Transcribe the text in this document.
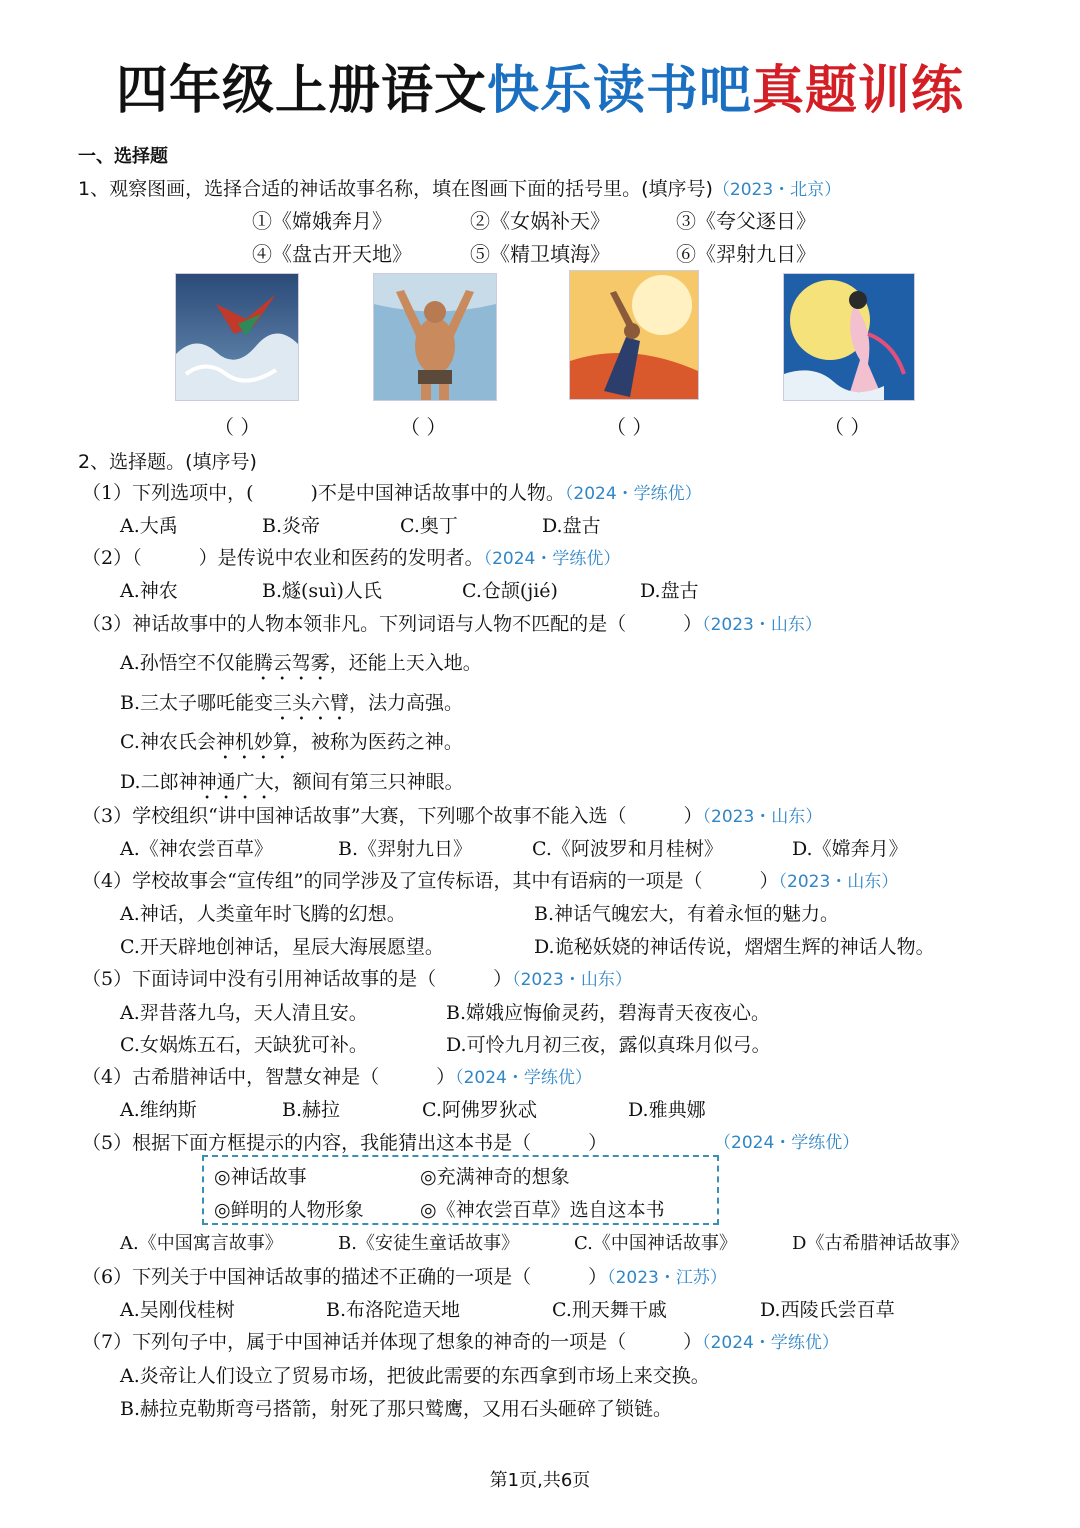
四年级上册语文快乐读书吧真题训练
一、选择题
1、观察图画，选择合适的神话故事名称，填在图画下面的括号里。(填序号)（2023・北京）
①《嫦娥奔月》	②《女娲补天》	③《夸父逐日》
④《盘古开天地》	⑤《精卫填海》	⑥《羿射九日》
（ ）	（ ）	（ ）	（ ）
2、选择题。(填序号)
（1）下列选项中，(　　　)不是中国神话故事中的人物。（2024・学练优）
A.大禹	B.炎帝	C.奥丁	D.盘古
（2）（　　　）是传说中农业和医药的发明者。（2024・学练优）
A.神农	B.燧(suì)人氏	C.仓颉(jié)	D.盘古
（3）神话故事中的人物本领非凡。下列词语与人物不匹配的是（　　　）（2023・山东）
A.孙悟空不仅能腾云驾雾，还能上天入地。
B.三太子哪吒能变三头六臂，法力高强。
C.神农氏会神机妙算，被称为医药之神。
D.二郎神神通广大，额间有第三只神眼。
（3）学校组织“讲中国神话故事”大赛，下列哪个故事不能入选（　　　）（2023・山东）
A.《神农尝百草》	B.《羿射九日》	C.《阿波罗和月桂树》	D.《嫦奔月》
（4）学校故事会“宣传组”的同学涉及了宣传标语，其中有语病的一项是（　　　）（2023・山东）
A.神话，人类童年时飞腾的幻想。	B.神话气魄宏大，有着永恒的魅力。
C.开天辟地创神话，星辰大海展愿望。	D.诡秘妖娆的神话传说，熠熠生辉的神话人物。
（5）下面诗词中没有引用神话故事的是（　　　）（2023・山东）
A.羿昔落九乌，天人清且安。	B.嫦娥应悔偷灵药，碧海青天夜夜心。
C.女娲炼五石，天缺犹可补。	D.可怜九月初三夜，露似真珠月似弓。
（4）古希腊神话中，智慧女神是（　　　）（2024・学练优）
A.维纳斯	B.赫拉	C.阿佛罗狄忒	D.雅典娜
（5）根据下面方框提示的内容，我能猜出这本书是（　　　）	（2024・学练优）
◎神话故事	◎充满神奇的想象
◎鲜明的人物形象	◎《神农尝百草》选自这本书
A.《中国寓言故事》	B.《安徒生童话故事》	C.《中国神话故事》	D《古希腊神话故事》
（6）下列关于中国神话故事的描述不正确的一项是（　　　）（2023・江苏）
A.吴刚伐桂树	B.布洛陀造天地	C.刑天舞干戚	D.西陵氏尝百草
（7）下列句子中，属于中国神话并体现了想象的神奇的一项是（　　　）（2024・学练优）
A.炎帝让人们设立了贸易市场，把彼此需要的东西拿到市场上来交换。
B.赫拉克勒斯弯弓搭箭，射死了那只鹫鹰，又用石头砸碎了锁链。
第1页,共6页
